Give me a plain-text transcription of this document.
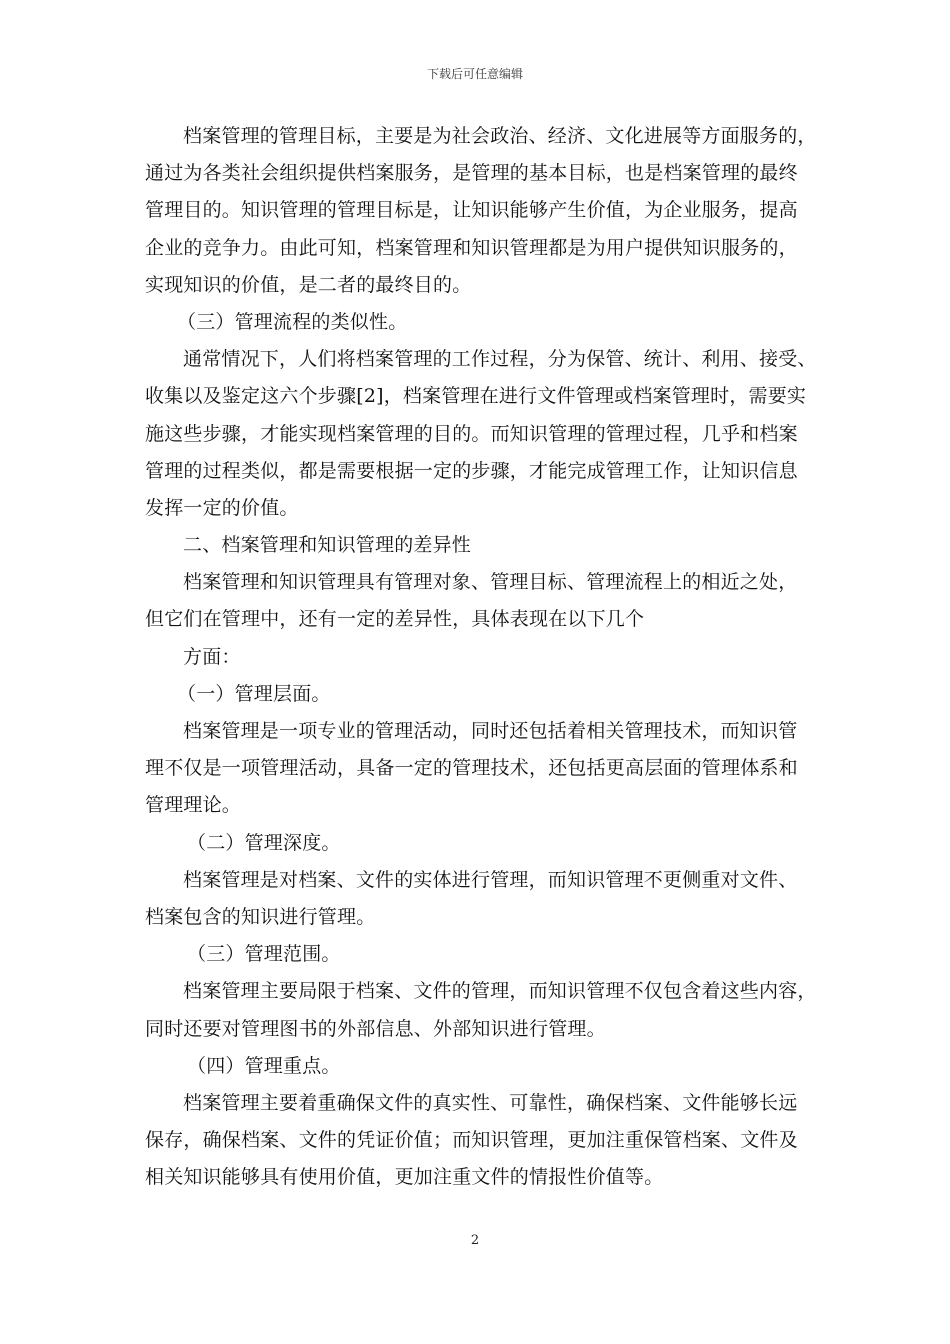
下载后可任意编辑
档案管理的管理目标，主要是为社会政治、经济、文化进展等方面服务的，
通过为各类社会组织提供档案服务，是管理的基本目标，也是档案管理的最终
管理目的。知识管理的管理目标是，让知识能够产生价值，为企业服务，提高
企业的竞争力。由此可知，档案管理和知识管理都是为用户提供知识服务的，
实现知识的价值，是二者的最终目的。
（三）管理流程的类似性。
通常情况下，人们将档案管理的工作过程，分为保管、统计、利用、接受、
收集以及鉴定这六个步骤[2]，档案管理在进行文件管理或档案管理时，需要实
施这些步骤，才能实现档案管理的目的。而知识管理的管理过程，几乎和档案
管理的过程类似，都是需要根据一定的步骤，才能完成管理工作，让知识信息
发挥一定的价值。
二、档案管理和知识管理的差异性
档案管理和知识管理具有管理对象、管理目标、管理流程上的相近之处，
但它们在管理中，还有一定的差异性，具体表现在以下几个
方面：
（一）管理层面。
档案管理是一项专业的管理活动，同时还包括着相关管理技术，而知识管
理不仅是一项管理活动，具备一定的管理技术，还包括更高层面的管理体系和
管理理论。
（二）管理深度。
档案管理是对档案、文件的实体进行管理，而知识管理不更侧重对文件、
档案包含的知识进行管理。
（三）管理范围。
档案管理主要局限于档案、文件的管理，而知识管理不仅包含着这些内容，
同时还要对管理图书的外部信息、外部知识进行管理。
（四）管理重点。
档案管理主要着重确保文件的真实性、可靠性，确保档案、文件能够长远
保存，确保档案、文件的凭证价值；而知识管理，更加注重保管档案、文件及
相关知识能够具有使用价值，更加注重文件的情报性价值等。
2
